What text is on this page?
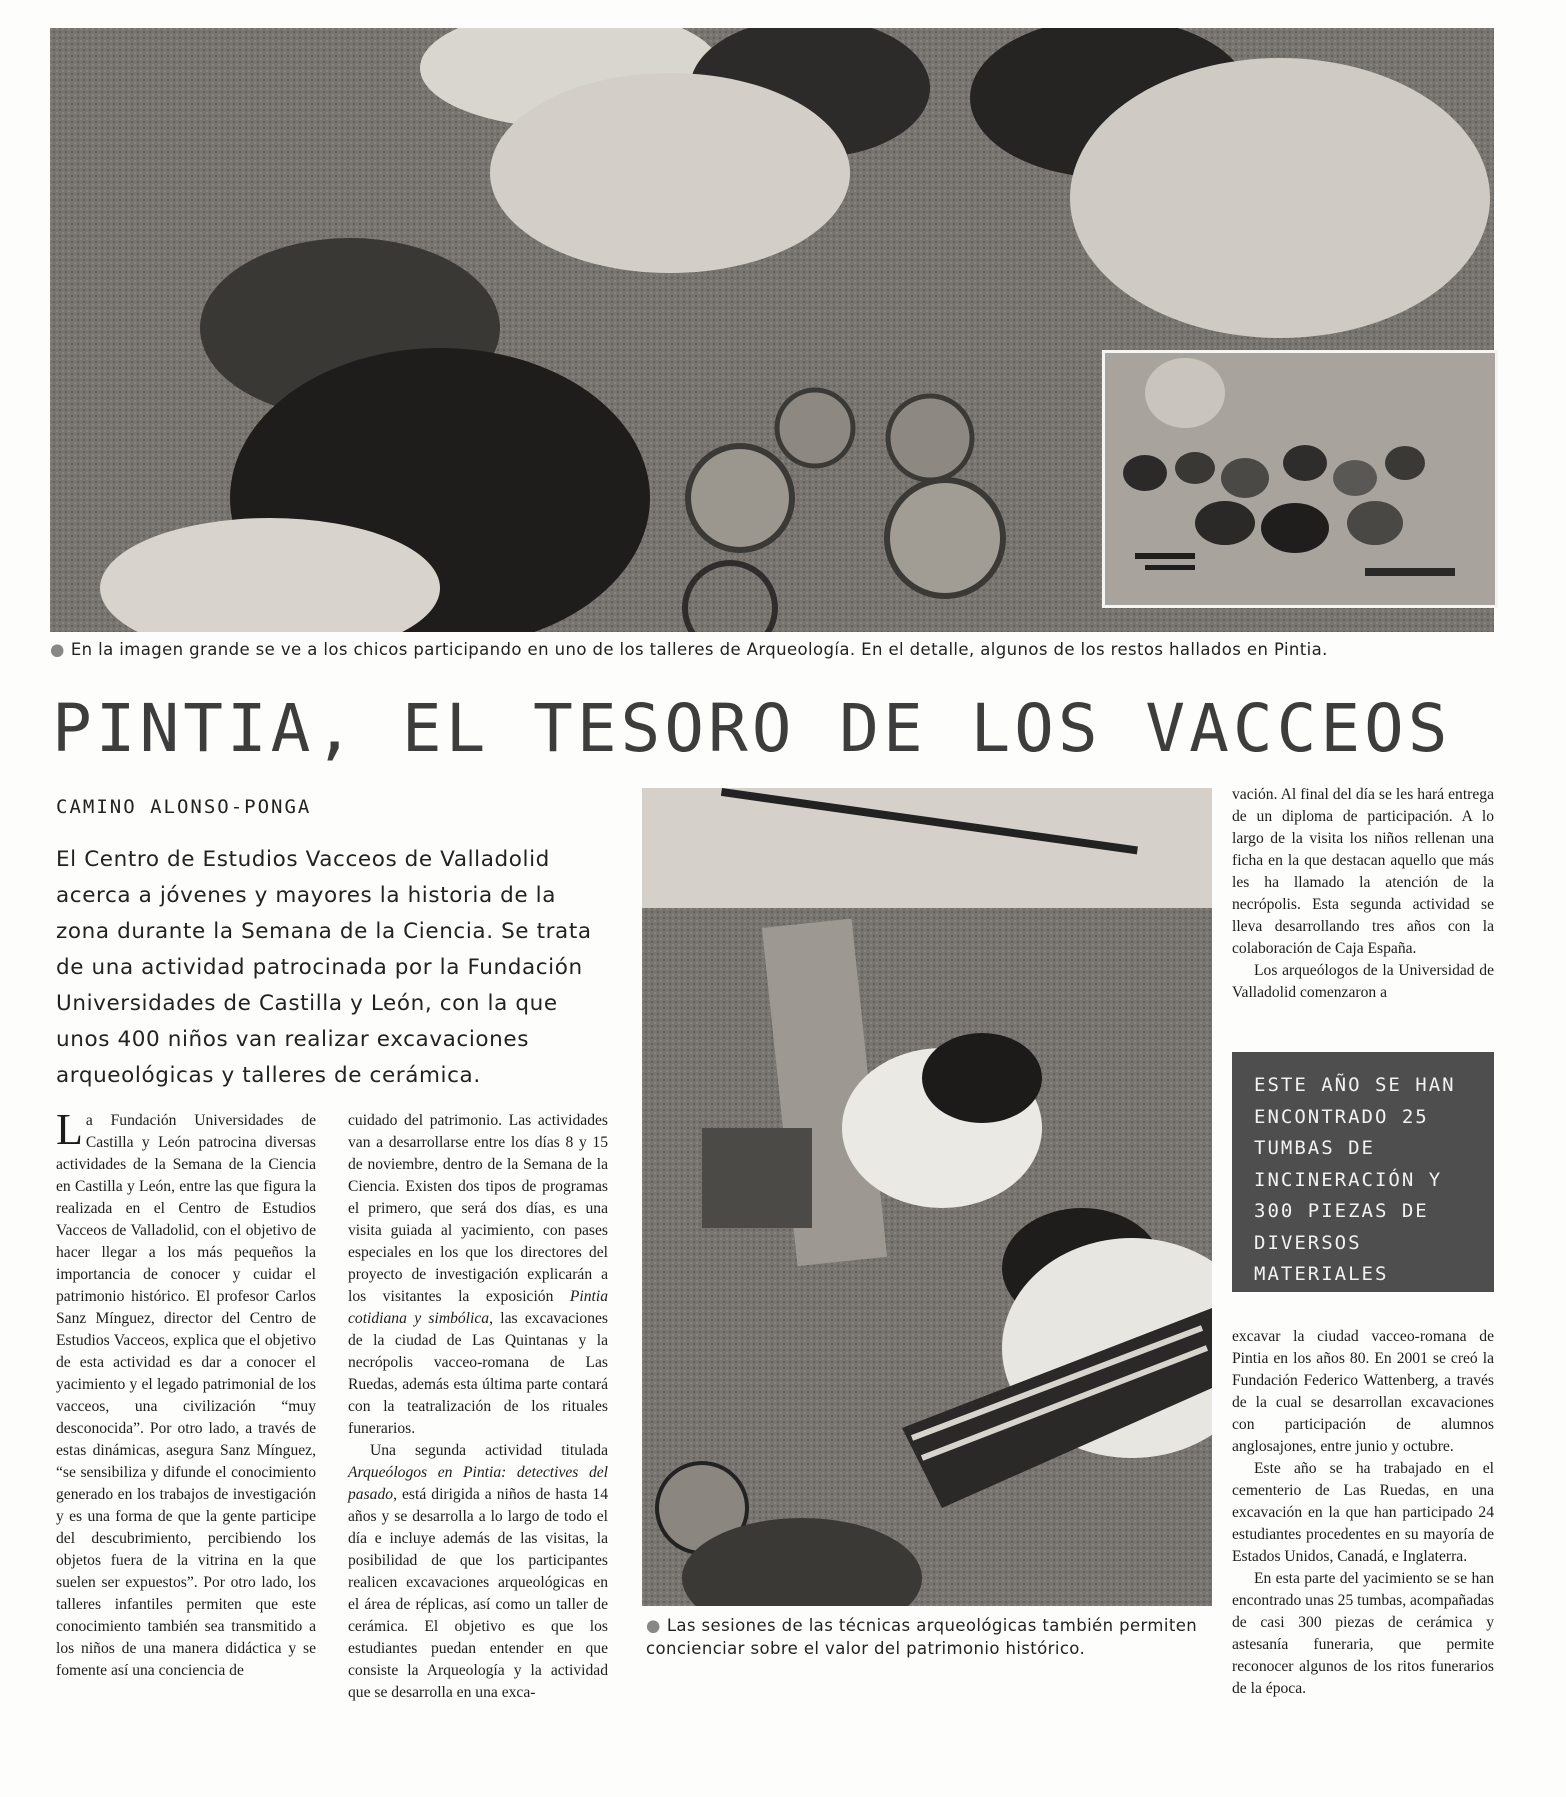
● En la imagen grande se ve a los chicos participando en uno de los talleres de Arqueología. En el detalle, algunos de los restos hallados en Pintia.
PINTIA, EL TESORO DE LOS VACCEOS
CAMINO ALONSO-PONGA
El Centro de Estudios Vacceos de Valladolid acerca a jóvenes y mayores la historia de la zona durante la Semana de la Ciencia. Se trata de una actividad patrocinada por la Fundación Universidades de Castilla y León, con la que unos 400 niños van realizar excavaciones arqueológicas y talleres de cerámica.

La Fundación Universidades de Castilla y León patrocina diversas actividades de la Semana de la Ciencia en Castilla y León, entre las que figura la realizada en el Centro de Estudios Vacceos de Valladolid, con el objetivo de hacer llegar a los más pequeños la importancia de conocer y cuidar el patrimonio histórico. El profesor Carlos Sanz Mínguez, director del Centro de Estudios Vacceos, explica que el objetivo de esta actividad es dar a conocer el yacimiento y el legado patrimonial de los vacceos, una civilización “muy desconocida”. Por otro lado, a través de estas dinámicas, asegura Sanz Mínguez, “se sensibiliza y difunde el conocimiento generado en los trabajos de investigación y es una forma de que la gente participe del descubrimiento, percibiendo los objetos fuera de la vitrina en la que suelen ser expuestos”. Por otro lado, los talleres infantiles permiten que este conocimiento también sea transmitido a los niños de una manera didáctica y se fomente así una conciencia de

cuidado del patrimonio. Las actividades van a desarrollarse entre los días 8 y 15 de noviembre, dentro de la Semana de la Ciencia. Existen dos tipos de programas el primero, que será dos días, es una visita guiada al yacimiento, con pases especiales en los que los directores del proyecto de investigación explicarán a los visitantes la exposición Pintia cotidiana y simbólica, las excavaciones de la ciudad de Las Quintanas y la necrópolis vacceo-romana de Las Ruedas, además esta última parte contará con la teatralización de los rituales funerarios.

Una segunda actividad titulada Arqueólogos en Pintia: detectives del pasado, está dirigida a niños de hasta 14 años y se desarrolla a lo largo de todo el día e incluye además de las visitas, la posibilidad de que los participantes realicen excavaciones arqueológicas en el área de réplicas, así como un taller de cerámica. El objetivo es que los estudiantes puedan entender en que consiste la Arqueología y la actividad que se desarrolla en una exca-

● Las sesiones de las técnicas arqueológicas también permiten concienciar sobre el valor del patrimonio histórico.

vación. Al final del día se les hará entrega de un diploma de participación. A lo largo de la visita los niños rellenan una ficha en la que destacan aquello que más les ha llamado la atención de la necrópolis. Esta segunda actividad se lleva desarrollando tres años con la colaboración de Caja España.

Los arqueólogos de la Universidad de Valladolid comenzaron a

ESTE AÑO SE HAN ENCONTRADO 25 TUMBAS DE INCINERACIÓN Y 300 PIEZAS DE DIVERSOS MATERIALES

excavar la ciudad vacceo-romana de Pintia en los años 80. En 2001 se creó la Fundación Federico Wattenberg, a través de la cual se desarrollan excavaciones con participación de alumnos anglosajones, entre junio y octubre.

Este año se ha trabajado en el cementerio de Las Ruedas, en una excavación en la que han participado 24 estudiantes procedentes en su mayoría de Estados Unidos, Canadá, e Inglaterra.

En esta parte del yacimiento se se han encontrado unas 25 tumbas, acompañadas de casi 300 piezas de cerámica y astesanía funeraria, que permite reconocer algunos de los ritos funerarios de la época.
